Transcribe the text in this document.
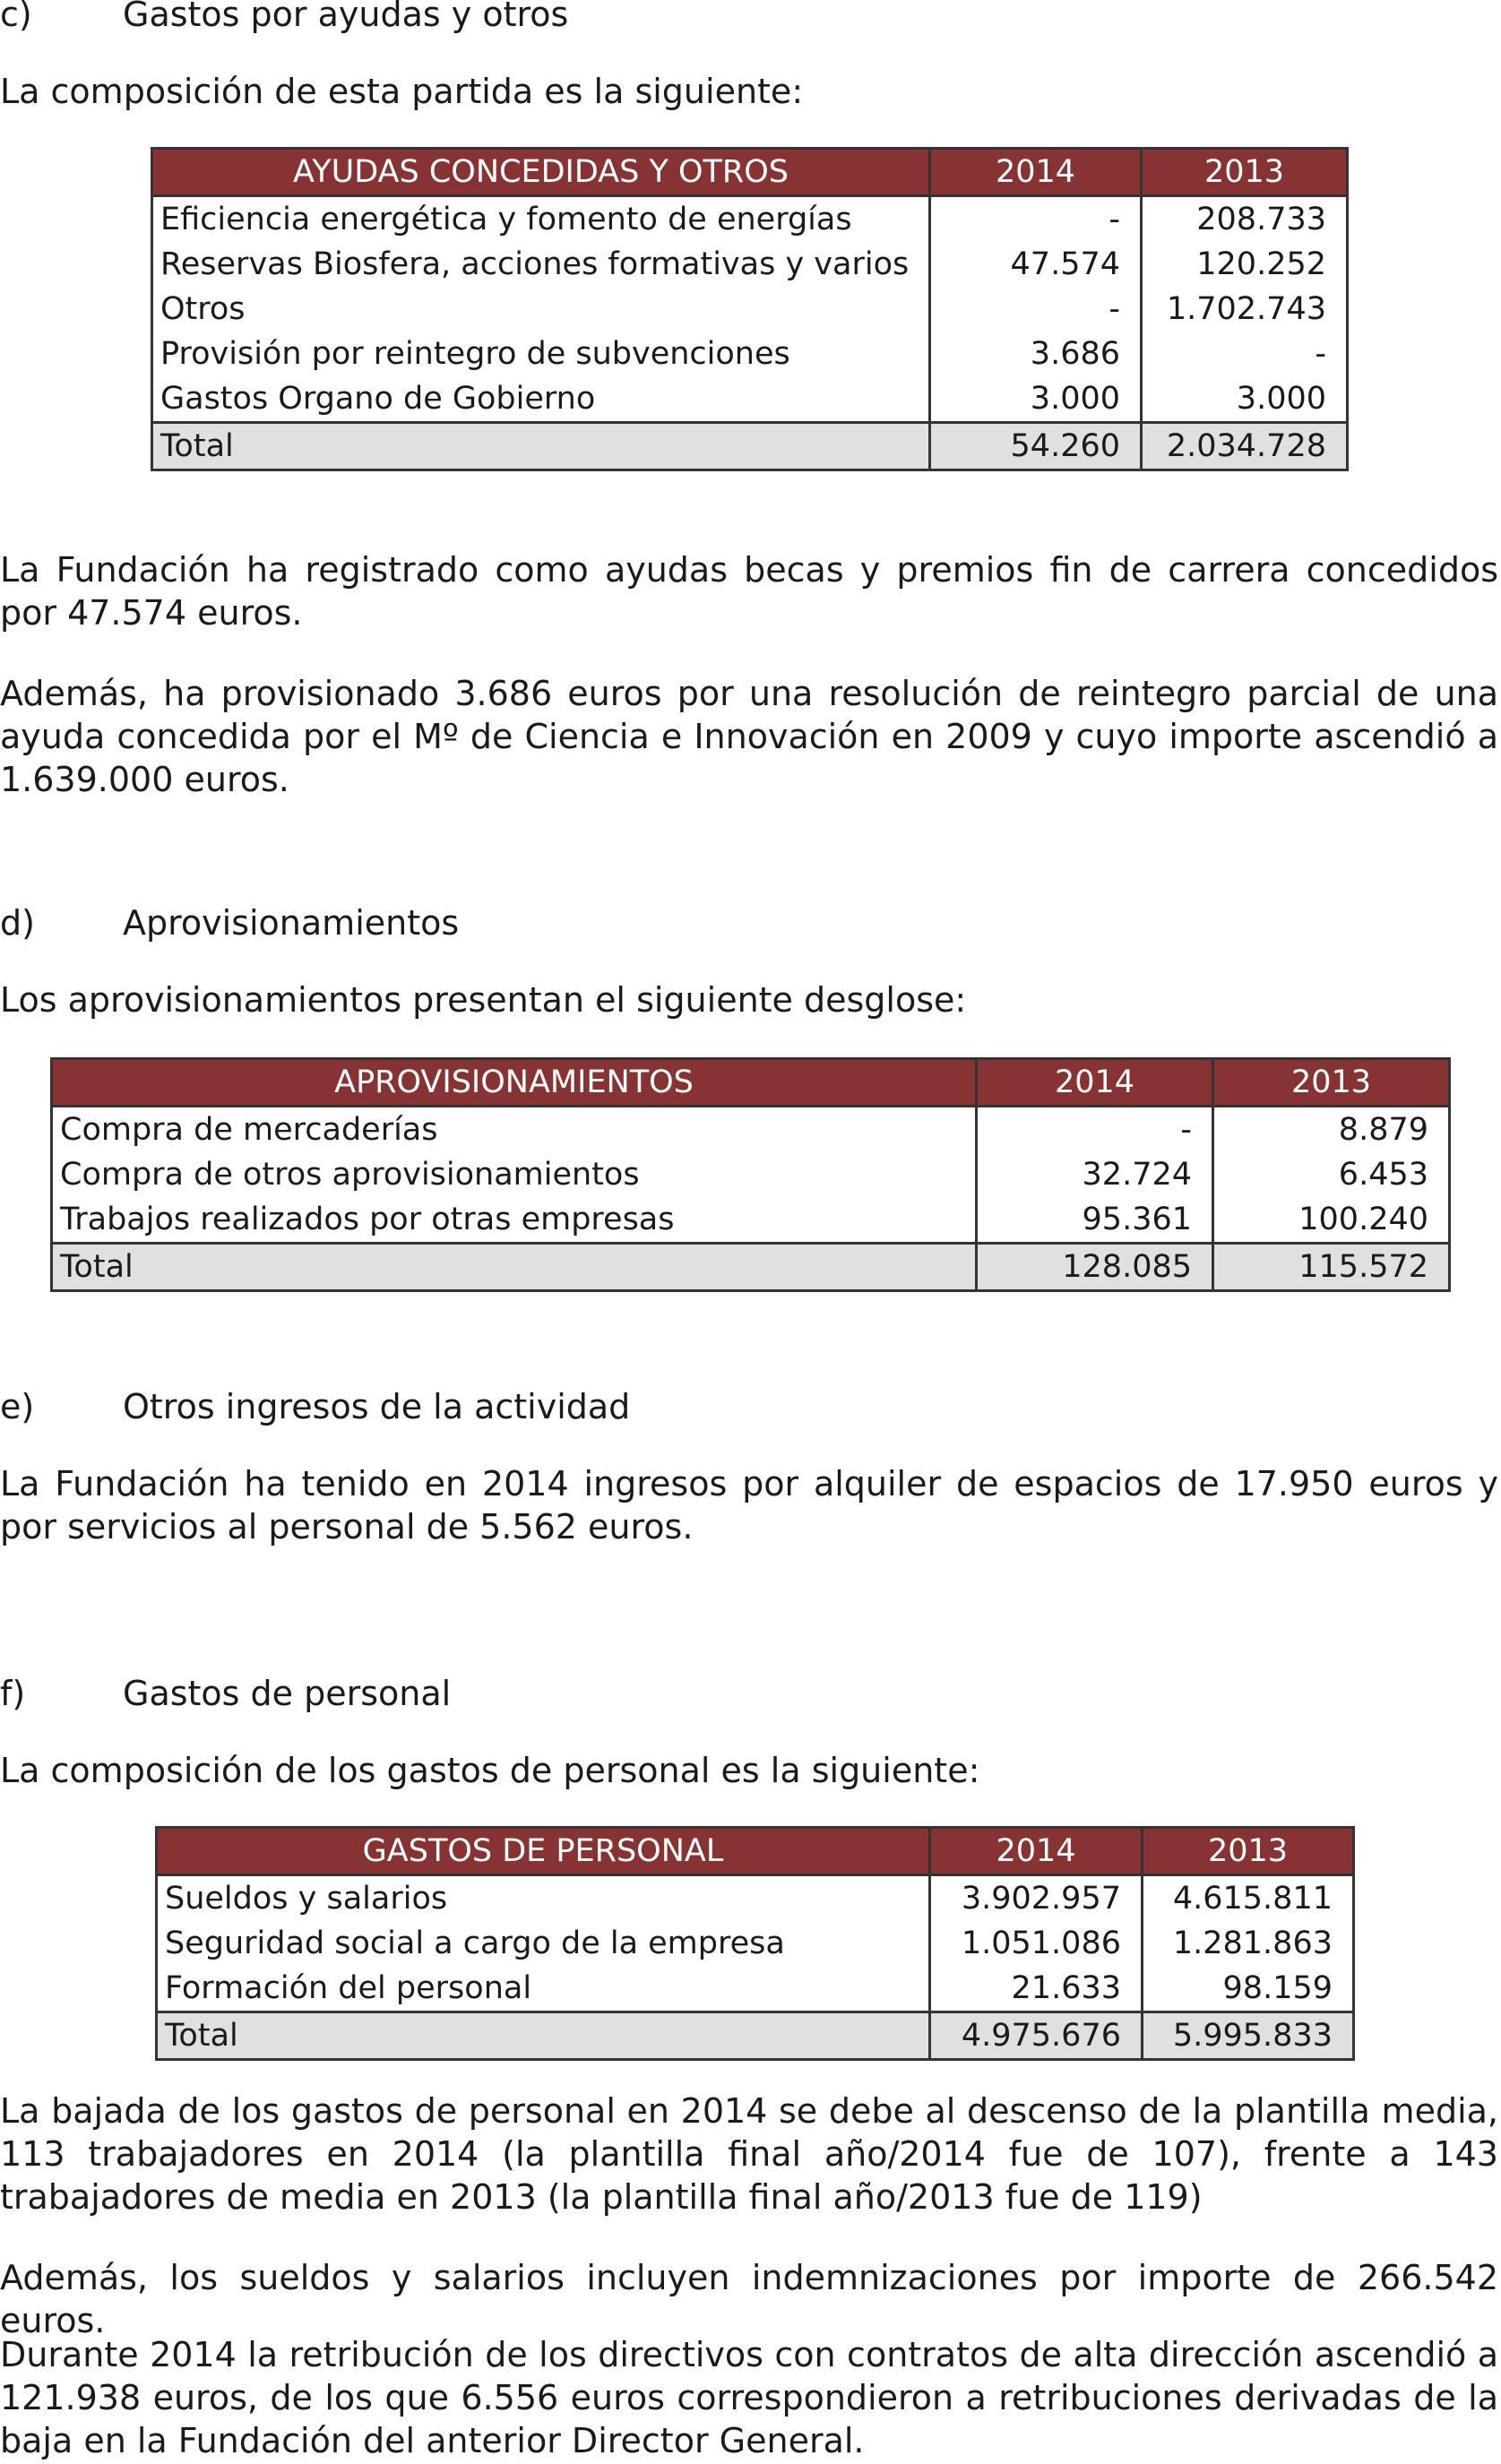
c)	Gastos por ayudas y otros
La composición de esta partida es la siguiente:
AYUDAS CONCEDIDAS Y OTROS	2014	2013
Eficiencia energética y fomento de energías	-	208.733
Reservas Biosfera, acciones formativas y varios	47.574	120.252
Otros	-	1.702.743
Provisión por reintegro de subvenciones	3.686	-
Gastos Organo de Gobierno	3.000	3.000
Total	54.260	2.034.728
La Fundación ha registrado como ayudas becas y premios fin de carrera concedidos por 47.574 euros.
Además, ha provisionado 3.686 euros por una resolución de reintegro parcial de una ayuda concedida por el Mº de Ciencia e Innovación en 2009 y cuyo importe ascendió a 1.639.000 euros.
d)	Aprovisionamientos
Los aprovisionamientos presentan el siguiente desglose:
APROVISIONAMIENTOS	2014	2013
Compra de mercaderías	-	8.879
Compra de otros aprovisionamientos	32.724	6.453
Trabajos realizados por otras empresas	95.361	100.240
Total	128.085	115.572
e)	Otros ingresos de la actividad
La Fundación ha tenido en 2014 ingresos por alquiler de espacios de 17.950 euros y por servicios al personal de 5.562 euros.
f)	Gastos de personal
La composición de los gastos de personal es la siguiente:
GASTOS DE PERSONAL	2014	2013
Sueldos y salarios	3.902.957	4.615.811
Seguridad social a cargo de la empresa	1.051.086	1.281.863
Formación del personal	21.633	98.159
Total	4.975.676	5.995.833
La bajada de los gastos de personal en 2014 se debe al descenso de la plantilla media, 113 trabajadores en 2014 (la plantilla final año/2014 fue de 107), frente a 143 trabajadores de media en 2013 (la plantilla final año/2013 fue de 119)
Además, los sueldos y salarios incluyen indemnizaciones por importe de 266.542 euros.
Durante 2014 la retribución de los directivos con contratos de alta dirección ascendió a 121.938 euros, de los que 6.556 euros correspondieron a retribuciones derivadas de la baja en la Fundación del anterior Director General.
